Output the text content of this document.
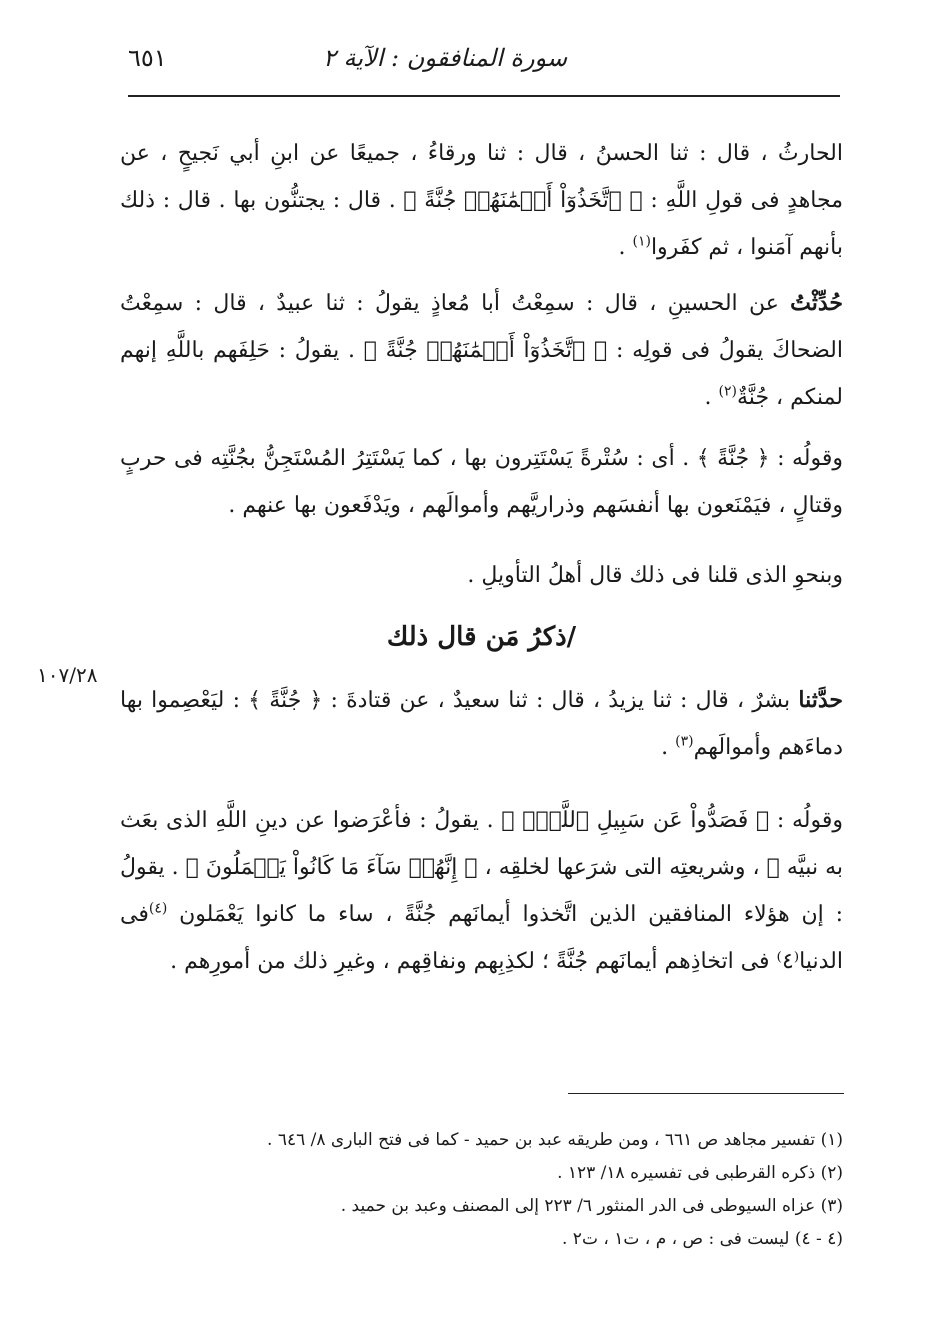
٦٥١	سورة المنافقون : الآية ٢

الحارثُ ، قال : ثنا الحسنُ ، قال : ثنا ورقاءُ ، جميعًا عن ابنِ أبي نَجيحٍ ، عن مجاهدٍ فى قولِ اللَّهِ : ﴿ ٱتَّخَذُوٓاْ أَيۡمَٰنَهُمۡ جُنَّةً ﴾ . قال : يجتنُّون بها . قال : ذلك بأنهم آمَنوا ، ثم كفَروا$^{(١)}$ .

حُدِّثْتُ عن الحسينِ ، قال : سمِعْتُ أبا مُعاذٍ يقولُ : ثنا عبيدٌ ، قال : سمِعْتُ الضحاكَ يقولُ فى قولِه : ﴿ ٱتَّخَذُوٓاْ أَيۡمَٰنَهُمۡ جُنَّةً ﴾ . يقولُ : حَلِفَهم باللَّهِ إنهم لمنكم ، جُنَّةٌ$^{(٢)}$ .

وقولُه : ﴿ جُنَّةً ﴾ . أى : سُتْرةً يَسْتَتِرون بها ، كما يَسْتَتِرُ المُسْتَجِنُّ بجُنَّتِه فى حربٍ وقتالٍ ، فيَمْنَعون بها أنفسَهم وذراريَّهم وأموالَهم ، ويَدْفَعون بها عنهم .

وبنحوِ الذى قلنا فى ذلك قال أهلُ التأويلِ .

/ذكرُ مَن قال ذلك

حدَّثنا بشرٌ ، قال : ثنا يزيدُ ، قال : ثنا سعيدٌ ، عن قتادةَ : ﴿ جُنَّةً ﴾ : ليَعْصِموا بها دماءَهم وأموالَهم$^{(٣)}$ .

وقولُه : ﴿ فَصَدُّواْ عَن سَبِيلِ ٱللَّهِۚ ﴾ . يقولُ : فأعْرَضوا عن دينِ اللَّهِ الذى بعَث به نبيَّه ﷺ ، وشريعتِه التى شرَعها لخلقِه ، ﴿ إِنَّهُمۡ سَآءَ مَا كَانُواْ يَعۡمَلُونَ ﴾ . يقولُ : إن هؤلاء المنافقين الذين اتَّخذوا أيمانَهم جُنَّةً ، ساء ما كانوا يَعْمَلون $^{(٤)}$فى الدنيا⁽٤⁾ فى اتخاذِهم أيمانَهم جُنَّةً ؛ لكذِبِهم ونفاقِهم ، وغيرِ ذلك من أمورِهم .

١٠٧/٢٨

(١) تفسير مجاهد ص ٦٦١ ، ومن طريقه عبد بن حميد - كما فى فتح البارى ٨/ ٦٤٦ .

(٢) ذكره القرطبى فى تفسيره ١٨/ ١٢٣ .

(٣) عزاه السيوطى فى الدر المنثور ٦/ ٢٢٣ إلى المصنف وعبد بن حميد .

(٤ - ٤) ليست فى : ص ، م ، ت١ ، ت٢ .
